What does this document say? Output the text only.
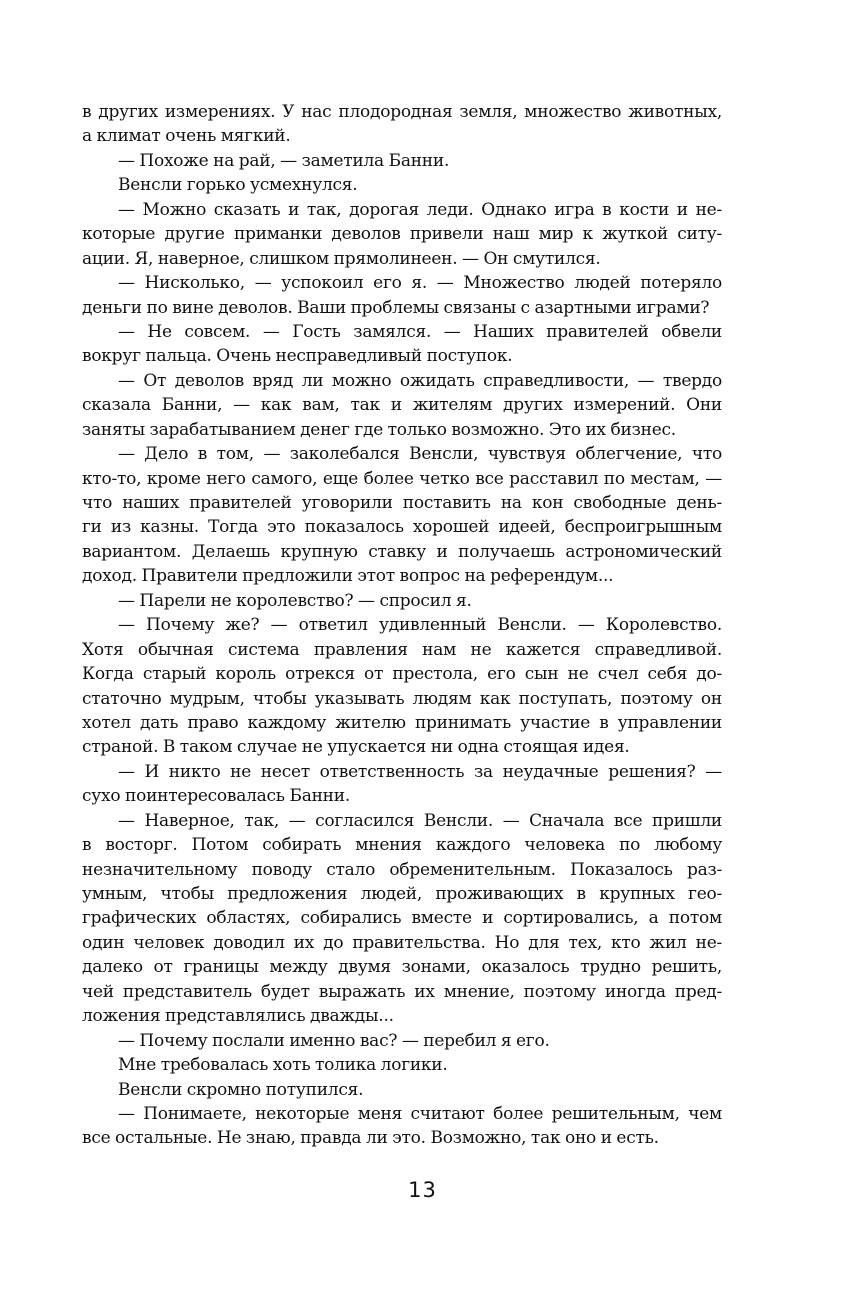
в других измерениях. У нас плодородная земля, множество животных,
а климат очень мягкий.
— Похоже на рай, — заметила Банни.
Венсли горько усмехнулся.
— Можно сказать и так, дорогая леди. Однако игра в кости и не-
которые другие приманки деволов привели наш мир к жуткой ситу-
ации. Я, наверное, слишком прямолинеен. — Он смутился.
— Нисколько, — успокоил его я. — Множество людей потеряло
деньги по вине деволов. Ваши проблемы связаны с азартными играми?
— Не совсем. — Гость замялся. — Наших правителей обвели
вокруг пальца. Очень несправедливый поступок.
— От деволов вряд ли можно ожидать справедливости, — твердо
сказала Банни, — как вам, так и жителям других измерений. Они
заняты зарабатыванием денег где только возможно. Это их бизнес.
— Дело в том, — заколебался Венсли, чувствуя облегчение, что
кто-то, кроме него самого, еще более четко все расставил по местам, —
что наших правителей уговорили поставить на кон свободные день-
ги из казны. Тогда это показалось хорошей идеей, беспроигрышным
вариантом. Делаешь крупную ставку и получаешь астрономический
доход. Правители предложили этот вопрос на референдум...
— Парели не королевство? — спросил я.
— Почему же? — ответил удивленный Венсли. — Королевство.
Хотя обычная система правления нам не кажется справедливой.
Когда старый король отрекся от престола, его сын не счел себя до-
статочно мудрым, чтобы указывать людям как поступать, поэтому он
хотел дать право каждому жителю принимать участие в управлении
страной. В таком случае не упускается ни одна стоящая идея.
— И никто не несет ответственность за неудачные решения? —
сухо поинтересовалась Банни.
— Наверное, так, — согласился Венсли. — Сначала все пришли
в восторг. Потом собирать мнения каждого человека по любому
незначительному поводу стало обременительным. Показалось раз-
умным, чтобы предложения людей, проживающих в крупных гео-
графических областях, собирались вместе и сортировались, а потом
один человек доводил их до правительства. Но для тех, кто жил не-
далеко от границы между двумя зонами, оказалось трудно решить,
чей представитель будет выражать их мнение, поэтому иногда пред-
ложения представлялись дважды...
— Почему послали именно вас? — перебил я его.
Мне требовалась хоть толика логики.
Венсли скромно потупился.
— Понимаете, некоторые меня считают более решительным, чем
все остальные. Не знаю, правда ли это. Возможно, так оно и есть.
13
